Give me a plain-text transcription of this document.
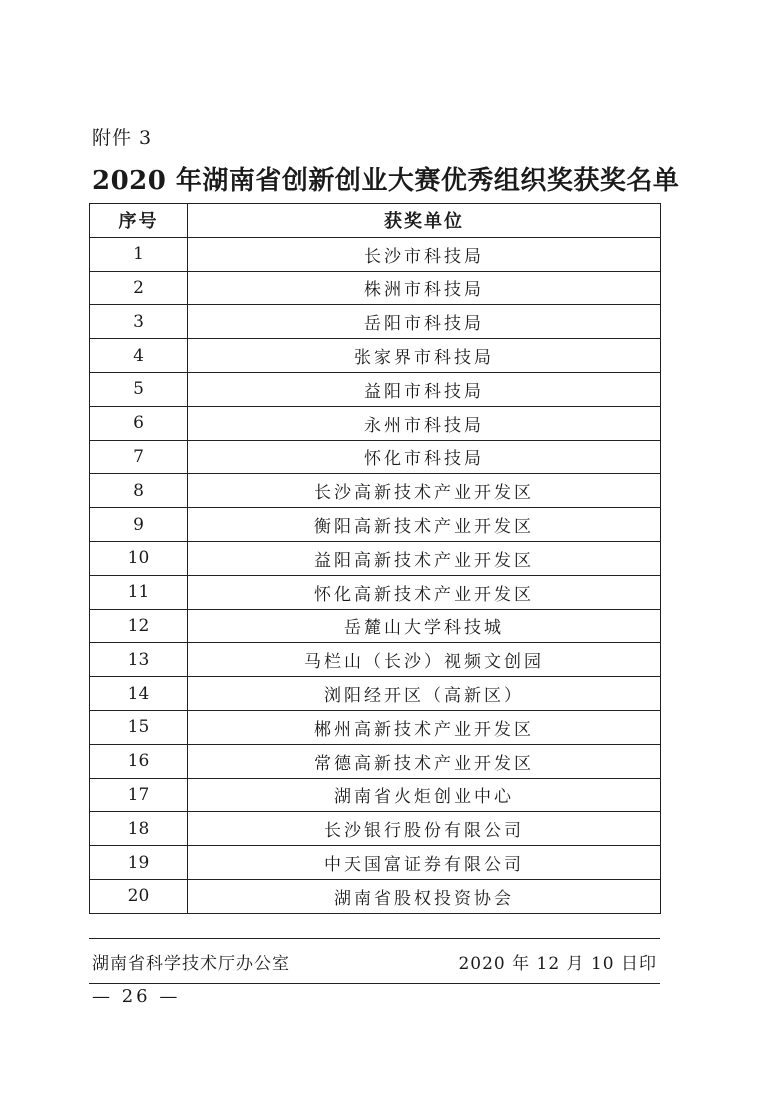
附件 3
2020 年湖南省创新创业大赛优秀组织奖获奖名单
序号	获奖单位
1	长沙市科技局
2	株洲市科技局
3	岳阳市科技局
4	张家界市科技局
5	益阳市科技局
6	永州市科技局
7	怀化市科技局
8	长沙高新技术产业开发区
9	衡阳高新技术产业开发区
10	益阳高新技术产业开发区
11	怀化高新技术产业开发区
12	岳麓山大学科技城
13	马栏山（长沙）视频文创园
14	浏阳经开区（高新区）
15	郴州高新技术产业开发区
16	常德高新技术产业开发区
17	湖南省火炬创业中心
18	长沙银行股份有限公司
19	中天国富证券有限公司
20	湖南省股权投资协会
湖南省科学技术厅办公室	2020 年 12 月 10 日印
— 26 —
